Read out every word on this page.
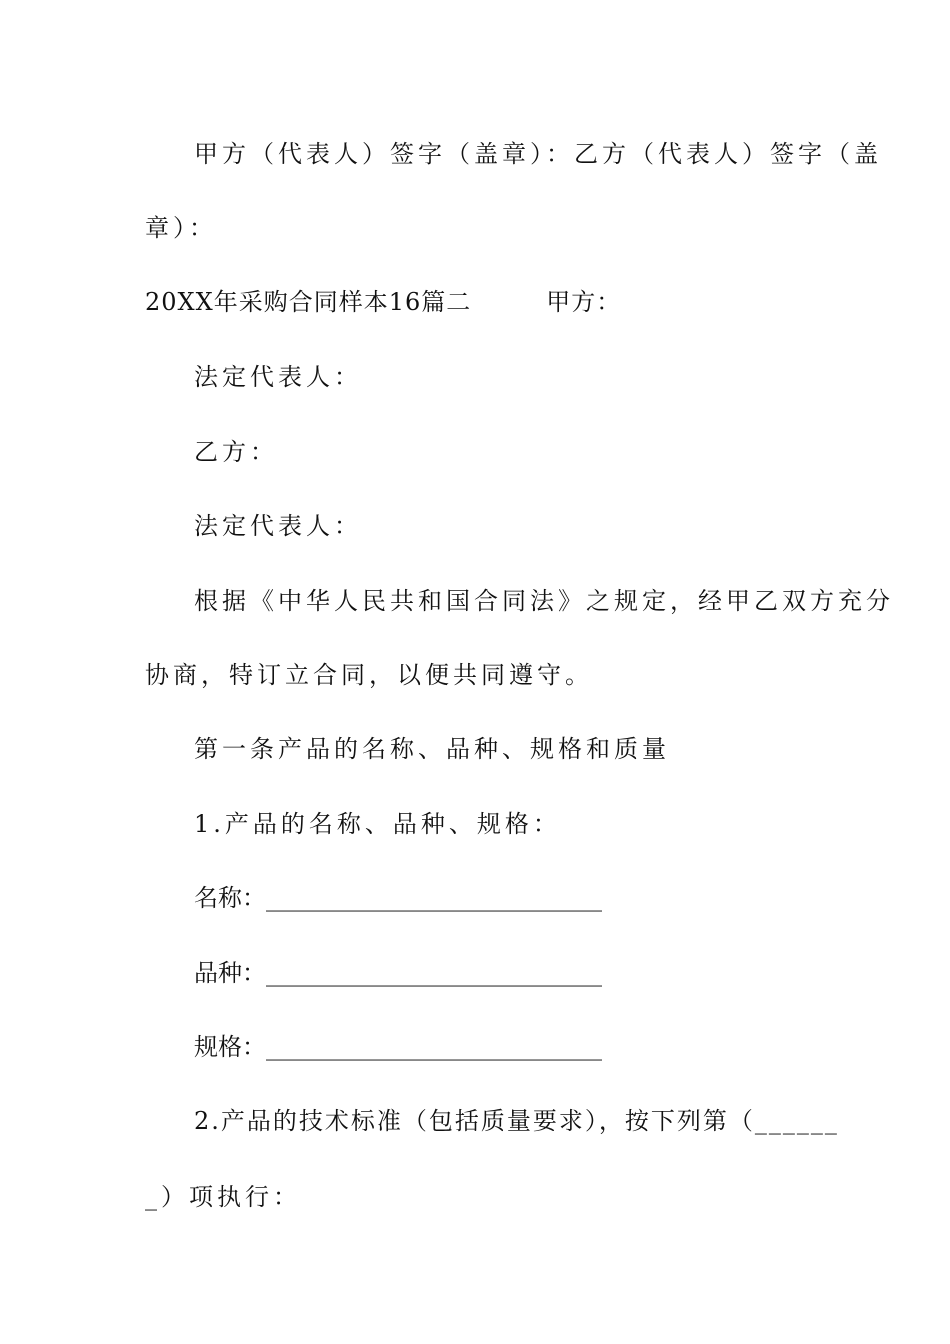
甲方（代表人）签字（盖章）：乙方（代表人）签字（盖
章）：
20XX年采购合同样本16篇二　　　甲方：
法定代表人：
乙方：
法定代表人：
根据《中华人民共和国合同法》之规定，经甲乙双方充分
协商，特订立合同，以便共同遵守。
第一条产品的名称、品种、规格和质量
1.产品的名称、品种、规格：
名称：____________________________
品种：____________________________
规格：____________________________
2.产品的技术标准（包括质量要求），按下列第（______
_）项执行：
